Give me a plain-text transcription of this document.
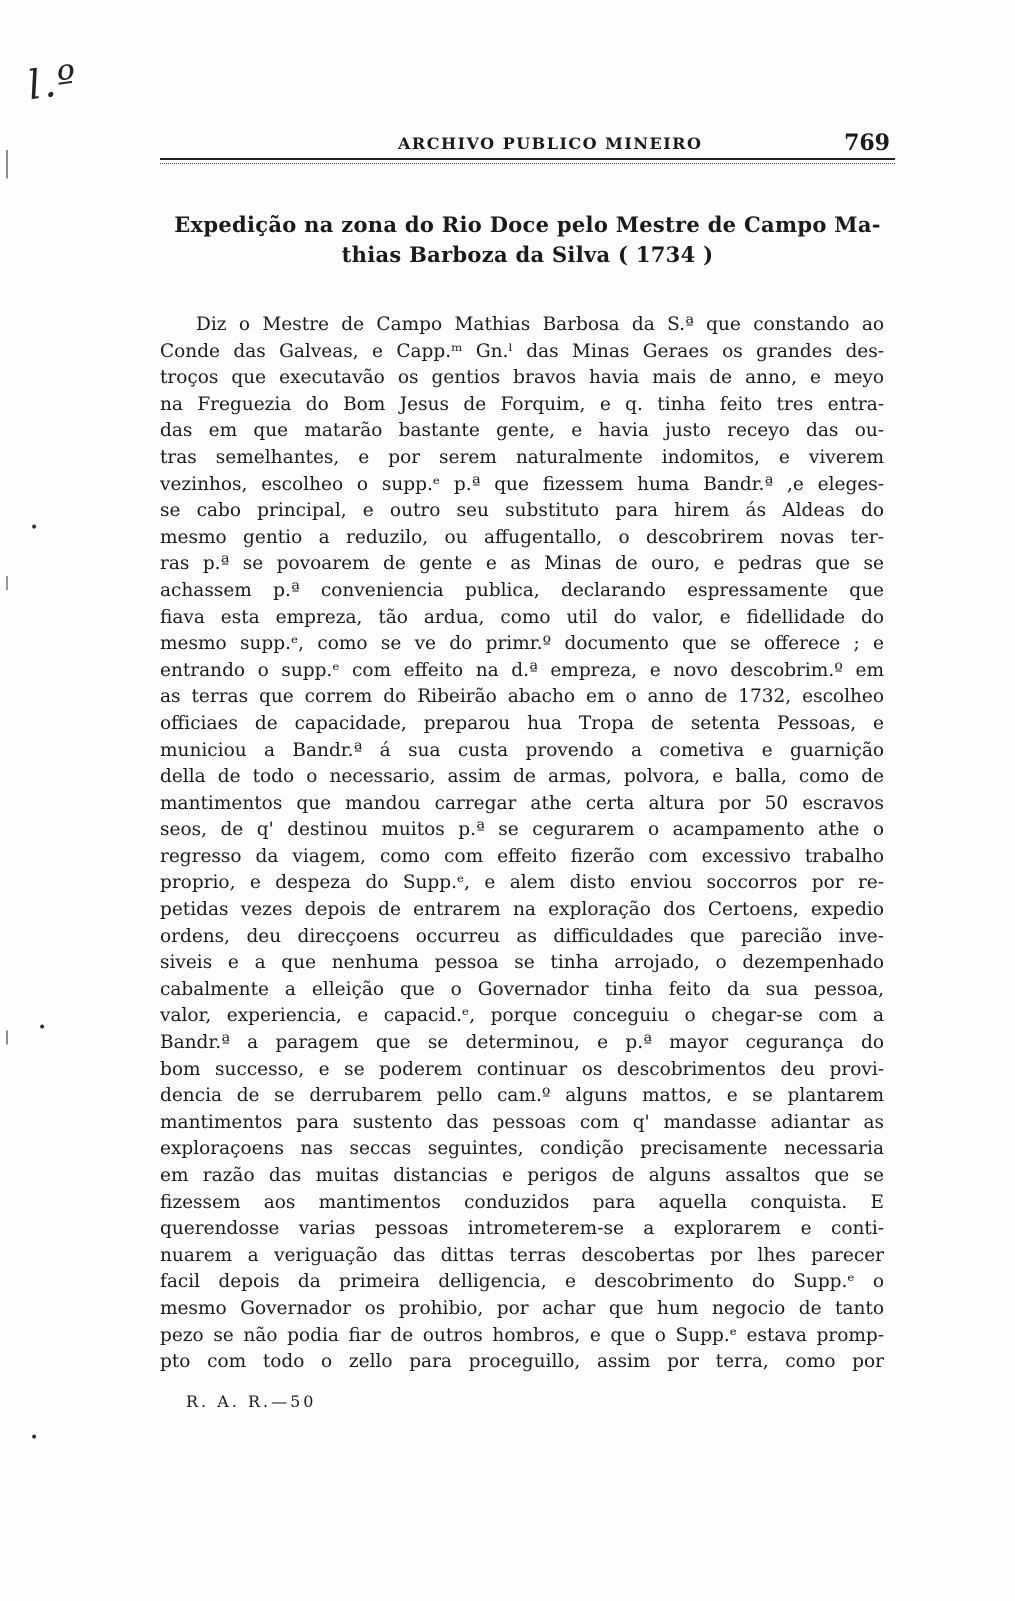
l.º
ARCHIVO PUBLICO MINEIRO	769
Expedição na zona do Rio Doce pelo Mestre de Campo Ma-
thias Barboza da Silva ( 1734 )
Diz o Mestre de Campo Mathias Barbosa da S.ª que constando ao
Conde das Galveas, e Capp.ᵐ Gn.ˡ das Minas Geraes os grandes des-
troços que executavão os gentios bravos havia mais de anno, e meyo
na Freguezia do Bom Jesus de Forquim, e q. tinha feito tres entra-
das em que matarão bastante gente, e havia justo receyo das ou-
tras semelhantes, e por serem naturalmente indomitos, e viverem
vezinhos, escolheo o supp.ᵉ p.ª que fizessem huma Bandr.ª ,e eleges-
se cabo principal, e outro seu substituto para hirem ás Aldeas do
mesmo gentio a reduzilo, ou affugentallo, o descobrirem novas ter-
ras p.ª se povoarem de gente e as Minas de ouro, e pedras que se
achassem p.ª conveniencia publica, declarando espressamente que
fiava esta empreza, tão ardua, como util do valor, e fidellidade do
mesmo supp.ᵉ, como se ve do primr.º documento que se offerece ; e
entrando o supp.ᵉ com effeito na d.ª empreza, e novo descobrim.º em
as terras que correm do Ribeirão abacho em o anno de 1732, escolheo
officiaes de capacidade, preparou hua Tropa de setenta Pessoas, e
municiou a Bandr.ª á sua custa provendo a cometiva e guarnição
della de todo o necessario, assim de armas, polvora, e balla, como de
mantimentos que mandou carregar athe certa altura por 50 escravos
seos, de q' destinou muitos p.ª se cegurarem o acampamento athe o
regresso da viagem, como com effeito fizerão com excessivo trabalho
proprio, e despeza do Supp.ᵉ, e alem disto enviou soccorros por re-
petidas vezes depois de entrarem na exploração dos Certoens, expedio
ordens, deu direcçoens occurreu as difficuldades que parecião inve-
siveis e a que nenhuma pessoa se tinha arrojado, o dezempenhado
cabalmente a elleição que o Governador tinha feito da sua pessoa,
valor, experiencia, e capacid.ᵉ, porque conceguiu o chegar-se com a
Bandr.ª a paragem que se determinou, e p.ª mayor cegurança do
bom successo, e se poderem continuar os descobrimentos deu provi-
dencia de se derrubarem pello cam.º alguns mattos, e se plantarem
mantimentos para sustento das pessoas com q' mandasse adiantar as
exploraçoens nas seccas seguintes, condição precisamente necessaria
em razão das muitas distancias e perigos de alguns assaltos que se
fizessem aos mantimentos conduzidos para aquella conquista. E
querendosse varias pessoas intrometerem-se a explorarem e conti-
nuarem a veriguação das dittas terras descobertas por lhes parecer
facil depois da primeira delligencia, e descobrimento do Supp.ᵉ o
mesmo Governador os prohibio, por achar que hum negocio de tanto
pezo se não podia fiar de outros hombros, e que o Supp.ᵉ estava promp-
pto com todo o zello para proceguillo, assim por terra, como por
R. A. R.—50
•
•
•
